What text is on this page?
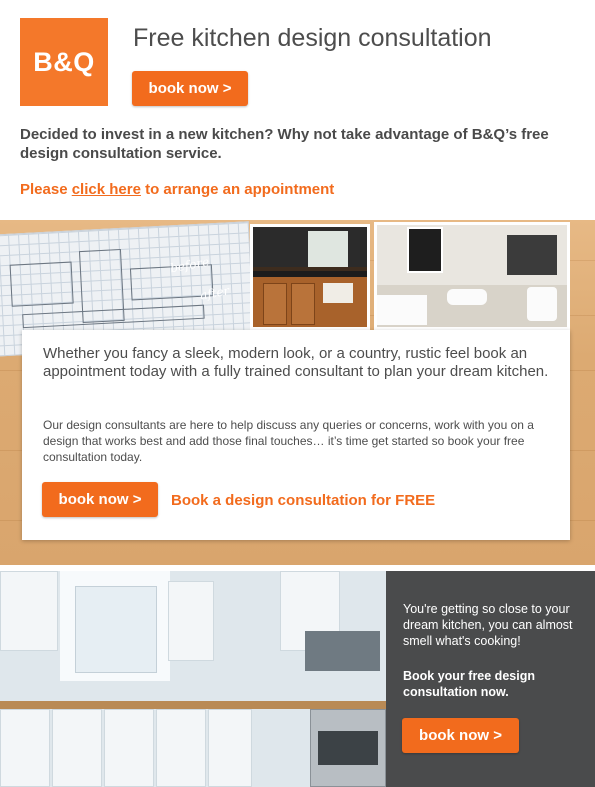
B&Q
Free kitchen design consultation
book now >
Decided to invest in a new kitchen? Why not take advantage of B&Q’s free design consultation service.
Please click here to arrange an appointment
before
after
Whether you fancy a sleek, modern look, or a country, rustic feel book an appointment today with a fully trained consultant to plan your dream kitchen.
Our design consultants are here to help discuss any queries or concerns, work with you on a design that works best and add those final touches… it’s time get started so book your free consultation today.
book now >	Book a design consultation for FREE
You're getting so close to your dream kitchen, you can almost smell what's cooking!
Book your free design consultation now.
book now >
